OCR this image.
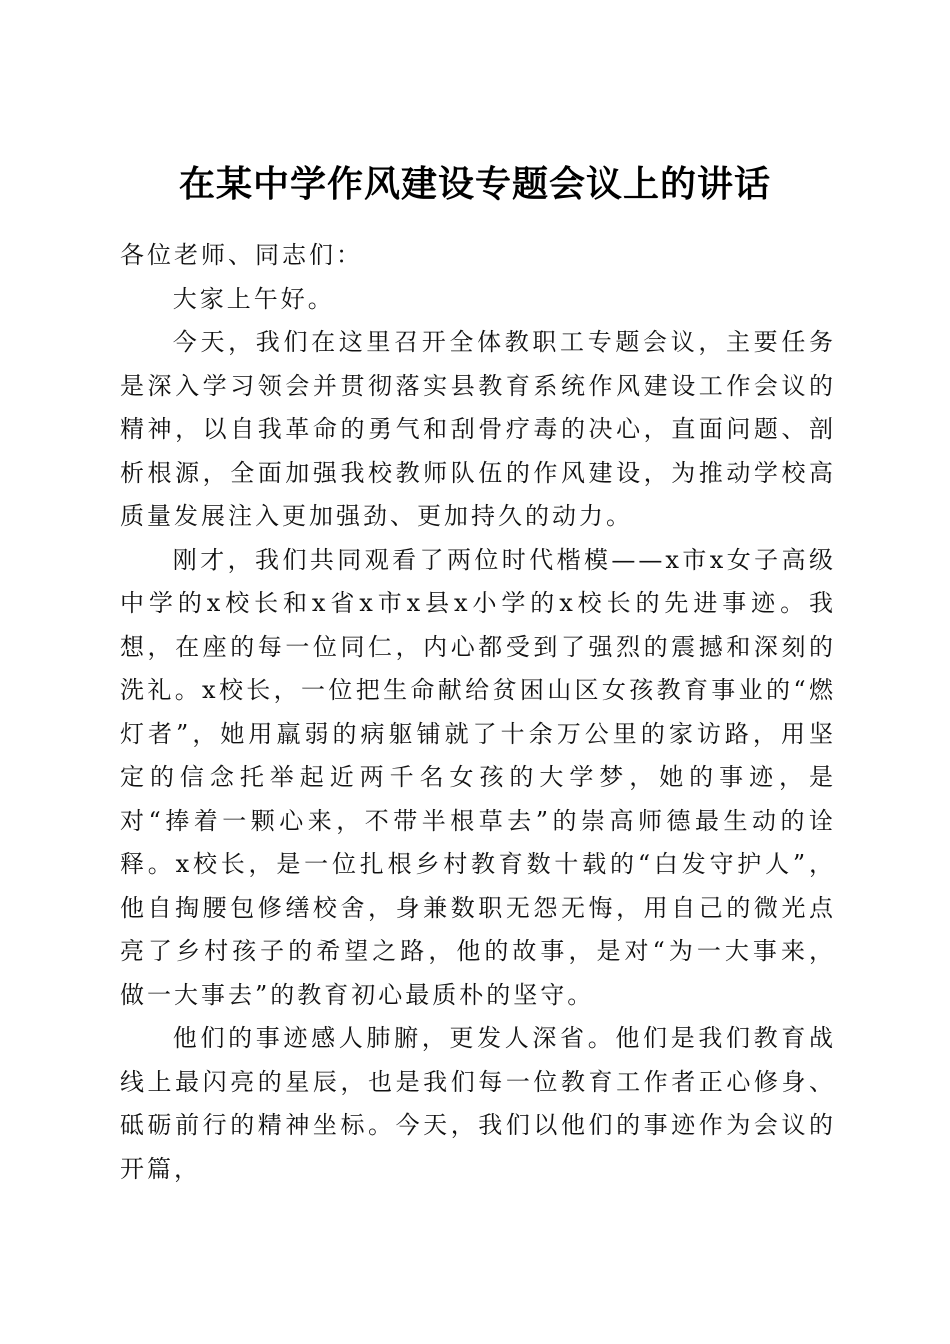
在某中学作风建设专题会议上的讲话

各位老师、同志们：

大家上午好。

今天，我们在这里召开全体教职工专题会议，主要任务是深入学习领会并贯彻落实县教育系统作风建设工作会议的精神，以自我革命的勇气和刮骨疗毒的决心，直面问题、剖析根源，全面加强我校教师队伍的作风建设，为推动学校高质量发展注入更加强劲、更加持久的动力。

刚才，我们共同观看了两位时代楷模——x市x女子高级中学的x校长和x省x市x县x小学的x校长的先进事迹。我想，在座的每一位同仁，内心都受到了强烈的震撼和深刻的洗礼。x校长，一位把生命献给贫困山区女孩教育事业的“燃灯者”，她用羸弱的病躯铺就了十余万公里的家访路，用坚定的信念托举起近两千名女孩的大学梦，她的事迹，是对“捧着一颗心来，不带半根草去”的崇高师德最生动的诠释。x校长，是一位扎根乡村教育数十载的“白发守护人”，他自掏腰包修缮校舍，身兼数职无怨无悔，用自己的微光点亮了乡村孩子的希望之路，他的故事，是对“为一大事来，做一大事去”的教育初心最质朴的坚守。

他们的事迹感人肺腑，更发人深省。他们是我们教育战线上最闪亮的星辰，也是我们每一位教育工作者正心修身、砥砺前行的精神坐标。今天，我们以他们的事迹作为会议的开篇，
